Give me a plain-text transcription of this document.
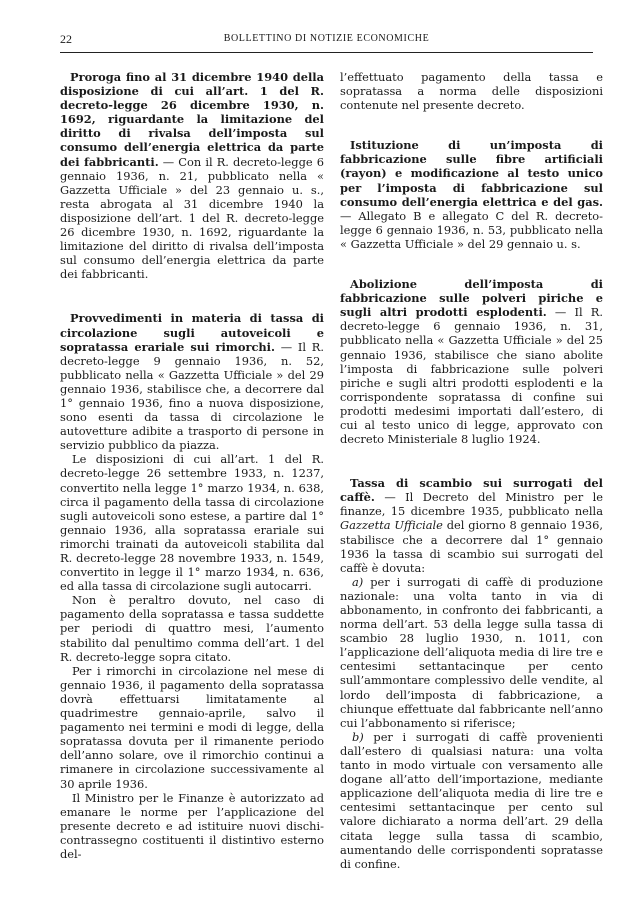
22	BOLLETTINO DI NOTIZIE ECONOMICHE

Proroga fino al 31 dicembre 1940 della disposizione di cui all’art. 1 del R. decreto-legge 26 dicembre 1930, n. 1692, riguardante la limitazione del diritto di rivalsa dell’imposta sul consumo dell’energia elettrica da parte dei fabbricanti. — Con il R. decreto-legge 6 gennaio 1936, n. 21, pubblicato nella « Gazzetta Ufficiale » del 23 gennaio u. s., resta abrogata al 31 dicembre 1940 la disposizione dell’art. 1 del R. decreto-legge 26 dicembre 1930, n. 1692, riguardante la limitazione del diritto di rivalsa dell’imposta sul consumo dell’energia elettrica da parte dei fabbricanti.

Provvedimenti in materia di tassa di circolazione sugli autoveicoli e sopratassa erariale sui rimorchi. — Il R. decreto-legge 9 gennaio 1936, n. 52, pubblicato nella « Gazzetta Ufficiale » del 29 gennaio 1936, stabilisce che, a decorrere dal 1° gennaio 1936, fino a nuova disposizione, sono esenti da tassa di circolazione le autovetture adibite a trasporto di persone in servizio pubblico da piazza.

Le disposizioni di cui all’art. 1 del R. decreto-legge 26 settembre 1933, n. 1237, convertito nella legge 1° marzo 1934, n. 638, circa il pagamento della tassa di circolazione sugli autoveicoli sono estese, a partire dal 1° gennaio 1936, alla sopratassa erariale sui rimorchi trainati da autoveicoli stabilita dal R. decreto-legge 28 novembre 1933, n. 1549, convertito in legge il 1° marzo 1934, n. 636, ed alla tassa di circolazione sugli autocarri.

Non è peraltro dovuto, nel caso di pagamento della sopratassa e tassa suddette per periodi di quattro mesi, l’aumento stabilito dal penultimo comma dell’art. 1 del R. decreto-legge sopra citato.

Per i rimorchi in circolazione nel mese di gennaio 1936, il pagamento della sopratassa dovrà effettuarsi limitatamente al quadrimestre gennaio-aprile, salvo il pagamento nei termini e modi di legge, della sopratassa dovuta per il rimanente periodo dell’anno solare, ove il rimorchio continui a rimanere in circolazione successivamente al 30 aprile 1936.

Il Ministro per le Finanze è autorizzato ad emanare le norme per l’applicazione del presente decreto e ad istituire nuovi dischi-contrassegno costituenti il distintivo esterno del-

l’effettuato pagamento della tassa e sopratassa a norma delle disposizioni contenute nel presente decreto.

Istituzione di un’imposta di fabbricazione sulle fibre artificiali (rayon) e modificazione al testo unico per l’imposta di fabbricazione sul consumo dell’energia elettrica e del gas. — Allegato B e allegato C del R. decreto-legge 6 gennaio 1936, n. 53, pubblicato nella « Gazzetta Ufficiale » del 29 gennaio u. s.

Abolizione dell’imposta di fabbricazione sulle polveri piriche e sugli altri prodotti esplodenti. — Il R. decreto-legge 6 gennaio 1936, n. 31, pubblicato nella « Gazzetta Ufficiale » del 25 gennaio 1936, stabilisce che siano abolite l’imposta di fabbricazione sulle polveri piriche e sugli altri prodotti esplodenti e la corrispondente sopratassa di confine sui prodotti medesimi importati dall’estero, di cui al testo unico di legge, approvato con decreto Ministeriale 8 luglio 1924.

Tassa di scambio sui surrogati del caffè. — Il Decreto del Ministro per le finanze, 15 dicembre 1935, pubblicato nella Gazzetta Ufficiale del giorno 8 gennaio 1936, stabilisce che a decorrere dal 1° gennaio 1936 la tassa di scambio sui surrogati del caffè è dovuta:

a) per i surrogati di caffè di produzione nazionale: una volta tanto in via di abbonamento, in confronto dei fabbricanti, a norma dell’art. 53 della legge sulla tassa di scambio 28 luglio 1930, n. 1011, con l’applicazione dell’aliquota media di lire tre e centesimi settantacinque per cento sull’ammontare complessivo delle vendite, al lordo dell’imposta di fabbricazione, a chiunque effettuate dal fabbricante nell’anno cui l’abbonamento si riferisce;

b) per i surrogati di caffè provenienti dall’estero di qualsiasi natura: una volta tanto in modo virtuale con versamento alle dogane all’atto dell’importazione, mediante applicazione dell’aliquota media di lire tre e centesimi settantacinque per cento sul valore dichiarato a norma dell’art. 29 della citata legge sulla tassa di scambio, aumentando delle corrispondenti sopratasse di confine.
